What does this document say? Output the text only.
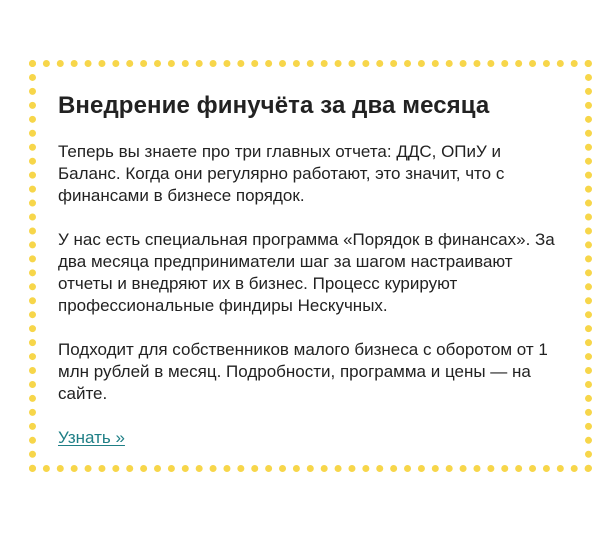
Внедрение финучёта за два месяца

Теперь вы знаете про три главных отчета: ДДС, ОПиУ и Баланс. Когда они регулярно работают, это значит, что с финансами в бизнесе порядок.

У нас есть специальная программа «Порядок в финансах». За два месяца предприниматели шаг за шагом настраивают отчеты и внедряют их в бизнес. Процесс курируют профессиональные финдиры Нескучных.

Подходит для собственников малого бизнеса с оборотом от 1 млн рублей в месяц. Подробности, программа и цены — на сайте.

Узнать »
